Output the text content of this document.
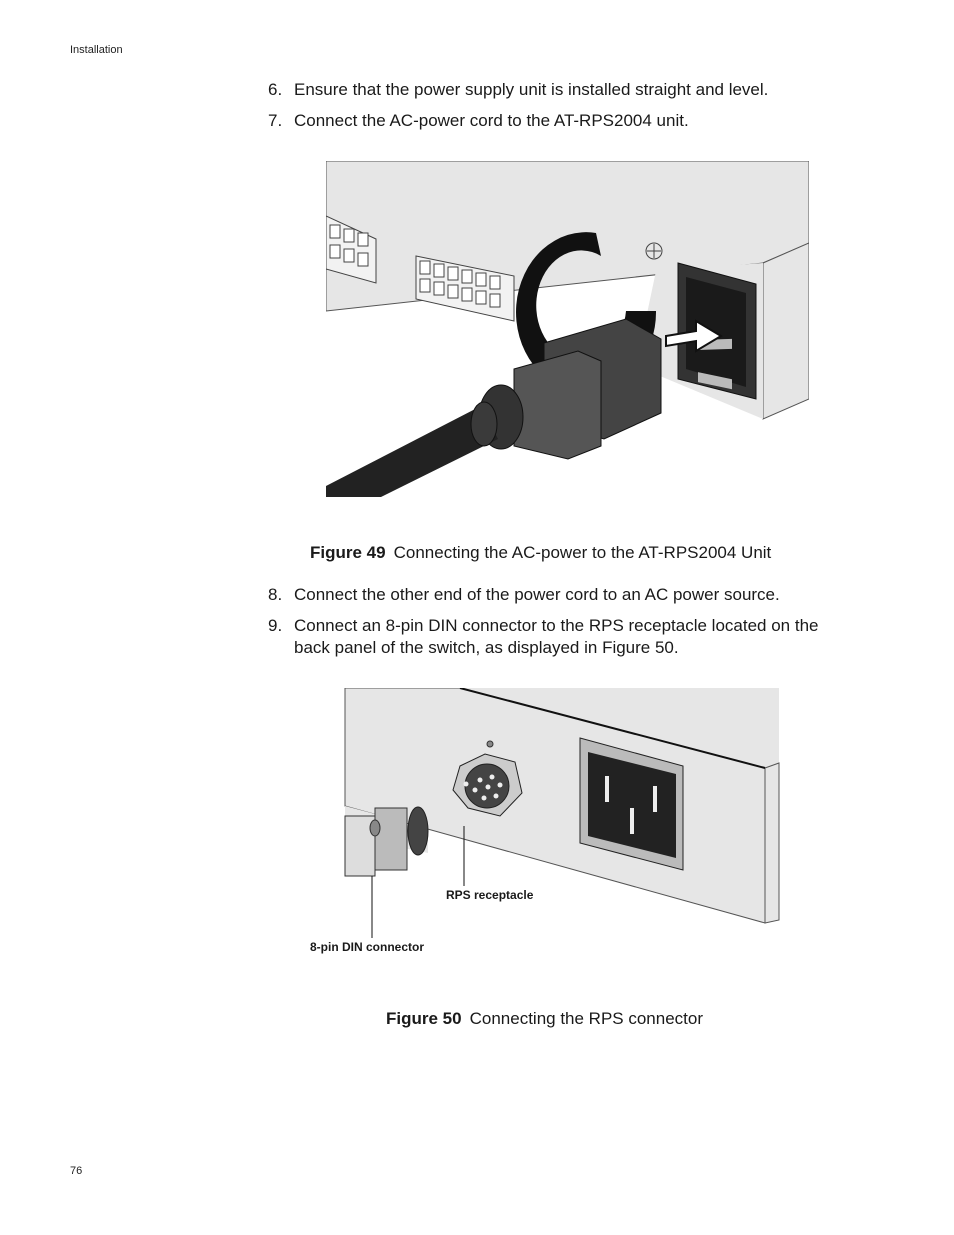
Installation
6. Ensure that the power supply unit is installed straight and level.
7. Connect the AC-power cord to the AT-RPS2004 unit.
Figure 49 Connecting the AC-power to the AT-RPS2004 Unit
8. Connect the other end of the power cord to an AC power source.
9. Connect an 8-pin DIN connector to the RPS receptacle located on the back panel of the switch, as displayed in Figure 50.
RPS receptacle
8-pin DIN connector
Figure 50 Connecting the RPS connector
76
